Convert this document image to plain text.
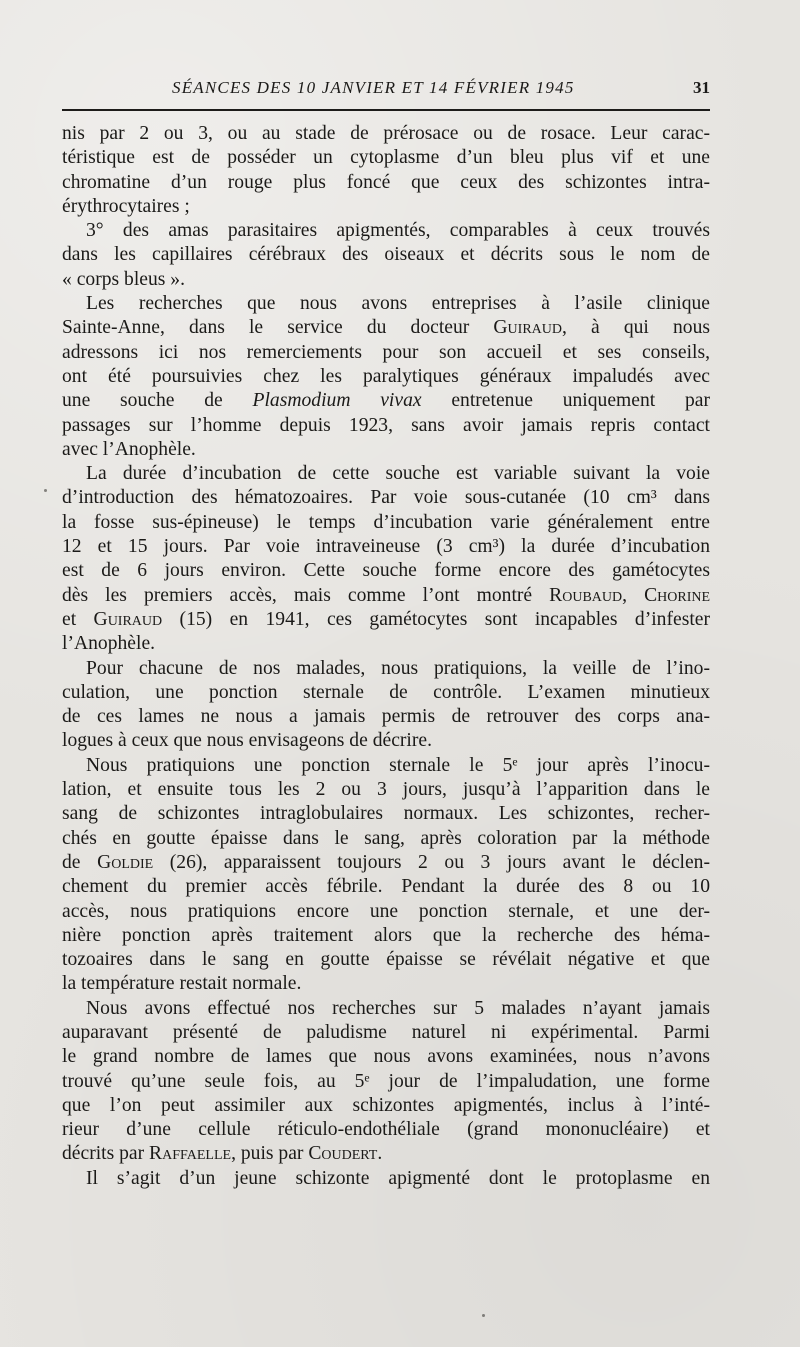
SÉANCES DES 10 JANVIER ET 14 FÉVRIER 1945	31
nis par 2 ou 3, ou au stade de prérosace ou de rosace. Leur carac-
téristique est de posséder un cytoplasme d’un bleu plus vif et une
chromatine d’un rouge plus foncé que ceux des schizontes intra-
érythrocytaires ;
3° des amas parasitaires apigmentés, comparables à ceux trouvés
dans les capillaires cérébraux des oiseaux et décrits sous le nom de
« corps bleus ».
Les recherches que nous avons entreprises à l’asile clinique
Sainte-Anne, dans le service du docteur Guiraud, à qui nous
adressons ici nos remerciements pour son accueil et ses conseils,
ont été poursuivies chez les paralytiques généraux impaludés avec
une souche de Plasmodium vivax entretenue uniquement par
passages sur l’homme depuis 1923, sans avoir jamais repris contact
avec l’Anophèle.
La durée d’incubation de cette souche est variable suivant la voie
d’introduction des hématozoaires. Par voie sous-cutanée (10 cm³ dans
la fosse sus-épineuse) le temps d’incubation varie généralement entre
12 et 15 jours. Par voie intraveineuse (3 cm³) la durée d’incubation
est de 6 jours environ. Cette souche forme encore des gamétocytes
dès les premiers accès, mais comme l’ont montré Roubaud, Chorine
et Guiraud (15) en 1941, ces gamétocytes sont incapables d’infester
l’Anophèle.
Pour chacune de nos malades, nous pratiquions, la veille de l’ino-
culation, une ponction sternale de contrôle. L’examen minutieux
de ces lames ne nous a jamais permis de retrouver des corps ana-
logues à ceux que nous envisageons de décrire.
Nous pratiquions une ponction sternale le 5ᵉ jour après l’inocu-
lation, et ensuite tous les 2 ou 3 jours, jusqu’à l’apparition dans le
sang de schizontes intraglobulaires normaux. Les schizontes, recher-
chés en goutte épaisse dans le sang, après coloration par la méthode
de Goldie (26), apparaissent toujours 2 ou 3 jours avant le déclen-
chement du premier accès fébrile. Pendant la durée des 8 ou 10
accès, nous pratiquions encore une ponction sternale, et une der-
nière ponction après traitement alors que la recherche des héma-
tozoaires dans le sang en goutte épaisse se révélait négative et que
la température restait normale.
Nous avons effectué nos recherches sur 5 malades n’ayant jamais
auparavant présenté de paludisme naturel ni expérimental. Parmi
le grand nombre de lames que nous avons examinées, nous n’avons
trouvé qu’une seule fois, au 5ᵉ jour de l’impaludation, une forme
que l’on peut assimiler aux schizontes apigmentés, inclus à l’inté-
rieur d’une cellule réticulo-endothéliale (grand mononucléaire) et
décrits par Raffaelle, puis par Coudert.
Il s’agit d’un jeune schizonte apigmenté dont le protoplasme en
